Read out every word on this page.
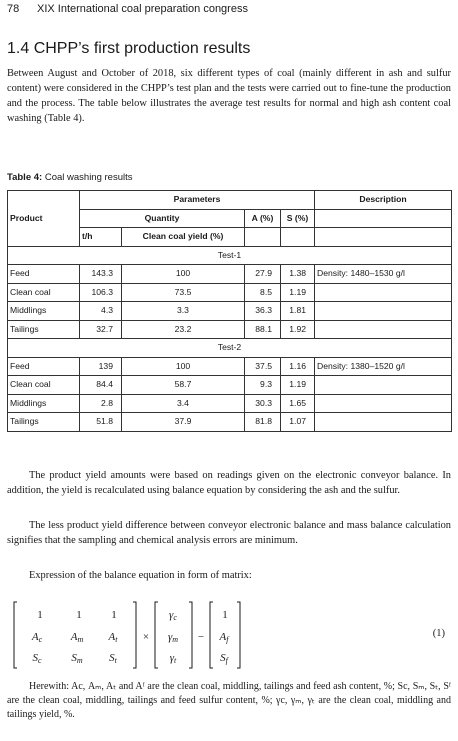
78 XIX International coal preparation congress
1.4 CHPP’s first production results

Between August and October of 2018, six different types of coal (mainly different in ash and sulfur content) were considered in the CHPP’s test plan and the tests were carried out to fine-tune the production and the process. The table below illustrates the average test results for normal and high ash content coal washing (Table 4).

Table 4: Coal washing results
Product	Parameters				Description
	Quantity		A (%)	S (%)	
	t/h	Clean coal yield (%)			
Test-1					
Feed	143.3	100	27.9	1.38	Density: 1480–1530 g/l
Clean coal	106.3	73.5	8.5	1.19	
Middlings	4.3	3.3	36.3	1.81	
Tailings	32.7	23.2	88.1	1.92	
Test-2					
Feed	139	100	37.5	1.16	Density: 1380–1520 g/l
Clean coal	84.4	58.7	9.3	1.19	
Middlings	2.8	3.4	30.3	1.65	
Tailings	51.8	37.9	81.8	1.07	

The product yield amounts were based on readings given on the electronic conveyor balance. In addition, the yield is recalculated using balance equation by considering the ash and the sulfur.

The less product yield difference between conveyor electronic balance and mass balance calculation signifies that the sampling and chemical analysis errors are minimum.

Expression of the balance equation in form of matrix:

1	1	1
Ac	Am At
Sc	Sm St
×
γc
γm
γt
−
1
Af
Sf
(1)

Herewith: Aс, Aₘ, Aₜ and Aᶠ are the clean coal, middling, tailings and feed ash content, %; Sс, Sₘ, Sₜ, Sᶠ are the clean coal, middling, tailings and feed sulfur content, %; γс, γₘ, γₜ are the clean coal, middling and tailings yield, %.
